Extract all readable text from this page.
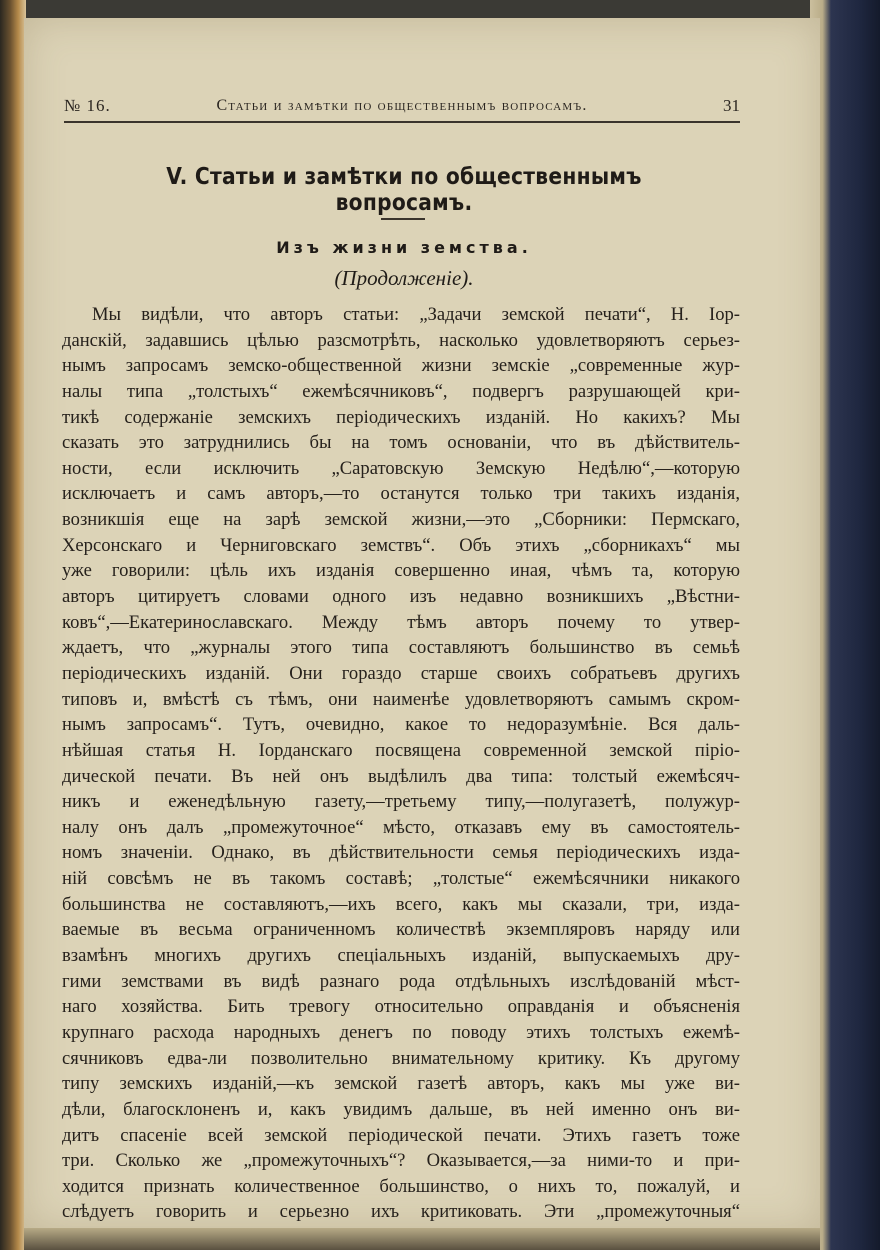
№ 16.	Статьи и замѣтки по общественнымъ вопросамъ.	31
V. Статьи и замѣтки по общественнымъ вопросамъ.
Изъ жизни земства.
(Продолженіе).
Мы видѣли, что авторъ статьи: „Задачи земской печати“, Н. Іор-
данскій, задавшись цѣлью разсмотрѣть, насколько удовлетворяютъ серьез-
нымъ запросамъ земско-общественной жизни земскіе „современные жур-
налы типа „толстыхъ“ ежемѣсячниковъ“, подвергъ разрушающей кри-
тикѣ содержаніе земскихъ періодическихъ изданій. Но какихъ? Мы
сказать это затруднились бы на томъ основаніи, что въ дѣйствитель-
ности, если исключить „Саратовскую Земскую Недѣлю“,—которую
исключаетъ и самъ авторъ,—то останутся только три такихъ изданія,
возникшія еще на зарѣ земской жизни,—это „Сборники: Пермскаго,
Херсонскаго и Черниговскаго земствъ“. Объ этихъ „сборникахъ“ мы
уже говорили: цѣль ихъ изданія совершенно иная, чѣмъ та, которую
авторъ цитируетъ словами одного изъ недавно возникшихъ „Вѣстни-
ковъ“,—Екатеринославскаго. Между тѣмъ авторъ почему то утвер-
ждаетъ, что „журналы этого типа составляютъ большинство въ семьѣ
періодическихъ изданій. Они гораздо старше своихъ собратьевъ другихъ
типовъ и, вмѣстѣ съ тѣмъ, они наименѣе удовлетворяютъ самымъ скром-
нымъ запросамъ“. Тутъ, очевидно, какое то недоразумѣніе. Вся даль-
нѣйшая статья Н. Іорданскаго посвящена современной земской піріо-
дической печати. Въ ней онъ выдѣлилъ два типа: толстый ежемѣсяч-
никъ и еженедѣльную газету,—третьему типу,—полугазетѣ, полужур-
налу онъ далъ „промежуточное“ мѣсто, отказавъ ему въ самостоятель-
номъ значеніи. Однако, въ дѣйствительности семья періодическихъ изда-
ній совсѣмъ не въ такомъ составѣ; „толстые“ ежемѣсячники никакого
большинства не составляютъ,—ихъ всего, какъ мы сказали, три, изда-
ваемые въ весьма ограниченномъ количествѣ экземпляровъ наряду или
взамѣнъ многихъ другихъ спеціальныхъ изданій, выпускаемыхъ дру-
гими земствами въ видѣ разнаго рода отдѣльныхъ изслѣдованій мѣст-
наго хозяйства. Бить тревогу относительно оправданія и объясненія
крупнаго расхода народныхъ денегъ по поводу этихъ толстыхъ ежемѣ-
сячниковъ едва-ли позволительно внимательному критику. Къ другому
типу земскихъ изданій,—къ земской газетѣ авторъ, какъ мы уже ви-
дѣли, благосклоненъ и, какъ увидимъ дальше, въ ней именно онъ ви-
дитъ спасеніе всей земской періодической печати. Этихъ газетъ тоже
три. Сколько же „промежуточныхъ“? Оказывается,—за ними-то и при-
ходится признать количественное большинство, о нихъ то, пожалуй, и
слѣдуетъ говорить и серьезно ихъ критиковать. Эти „промежуточныя“
